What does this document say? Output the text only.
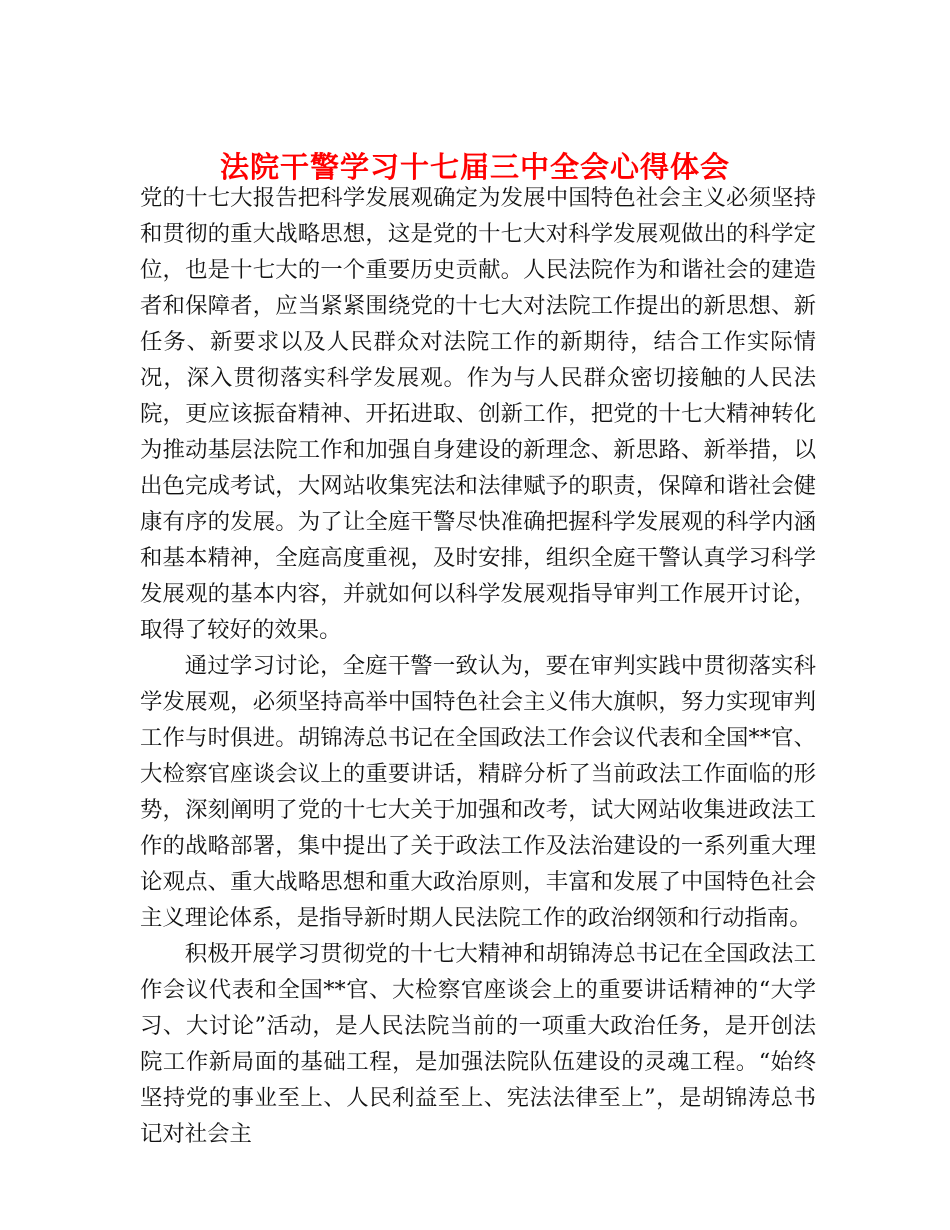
法院干警学习十七届三中全会心得体会

党的十七大报告把科学发展观确定为发展中国特色社会主义必须坚持和贯彻的重大战略思想，这是党的十七大对科学发展观做出的科学定位，也是十七大的一个重要历史贡献。人民法院作为和谐社会的建造者和保障者，应当紧紧围绕党的十七大对法院工作提出的新思想、新任务、新要求以及人民群众对法院工作的新期待，结合工作实际情况，深入贯彻落实科学发展观。作为与人民群众密切接触的人民法院，更应该振奋精神、开拓进取、创新工作，把党的十七大精神转化为推动基层法院工作和加强自身建设的新理念、新思路、新举措，以出色完成考试，大网站收集宪法和法律赋予的职责，保障和谐社会健康有序的发展。为了让全庭干警尽快准确把握科学发展观的科学内涵和基本精神，全庭高度重视，及时安排，组织全庭干警认真学习科学发展观的基本内容，并就如何以科学发展观指导审判工作展开讨论，取得了较好的效果。

通过学习讨论，全庭干警一致认为，要在审判实践中贯彻落实科学发展观，必须坚持高举中国特色社会主义伟大旗帜，努力实现审判工作与时俱进。胡锦涛总书记在全国政法工作会议代表和全国**官、大检察官座谈会议上的重要讲话，精辟分析了当前政法工作面临的形势，深刻阐明了党的十七大关于加强和改考，试大网站收集进政法工作的战略部署，集中提出了关于政法工作及法治建设的一系列重大理论观点、重大战略思想和重大政治原则，丰富和发展了中国特色社会主义理论体系，是指导新时期人民法院工作的政治纲领和行动指南。

积极开展学习贯彻党的十七大精神和胡锦涛总书记在全国政法工作会议代表和全国**官、大检察官座谈会上的重要讲话精神的“大学习、大讨论”活动，是人民法院当前的一项重大政治任务，是开创法院工作新局面的基础工程，是加强法院队伍建设的灵魂工程。“始终坚持党的事业至上、人民利益至上、宪法法律至上”，是胡锦涛总书记对社会主
